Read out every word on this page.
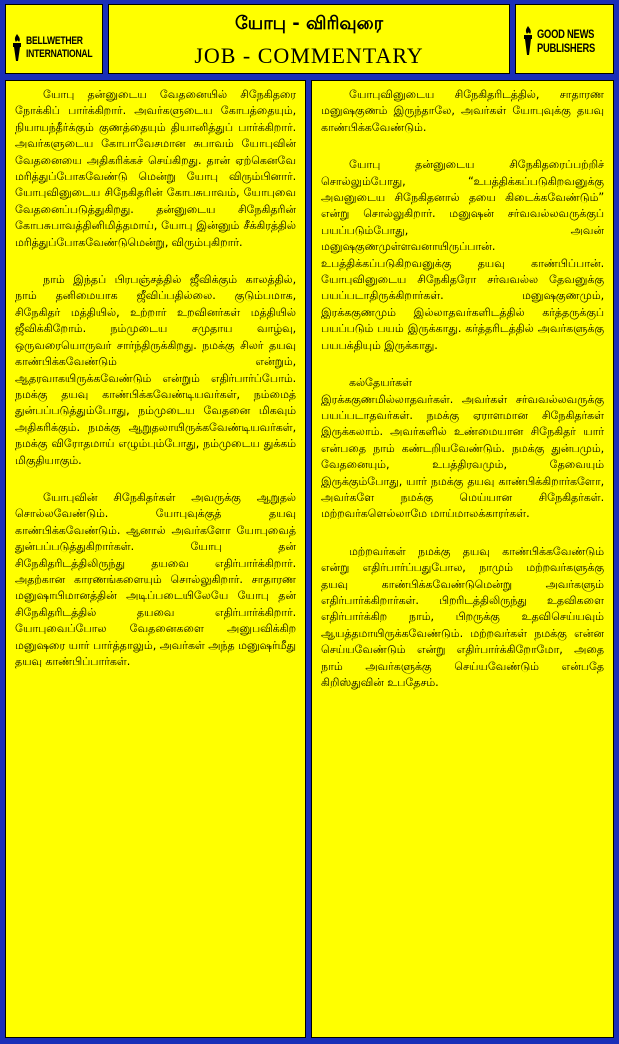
BELLWETHER
INTERNATIONAL
யோபு - விரிவுரை
JOB - COMMENTARY
GOOD NEWS
PUBLISHERS

யோபு தன்னுடைய வேதனையில் சிநேகிதரை நோக்கிப் பார்க்கிறார். அவர்களுடைய கோபத்தையும், நியாயந்தீர்க்கும் குணத்தையும் தியானித்துப் பார்க்கிறார். அவர்களுடைய கோபாவேசமான சுபாவம் யோபுவின் வேதனையை அதிகரிக்கச் செய்கிறது. தான் ஏற்கெனவே மரித்துப்போகவேண்டு மென்று யோபு விரும்பினார். யோபுவினுடைய சிநேகிதரின் கோபசுபாவம், யோபுவை வேதனைப்படுத்துகிறது. தன்னுடைய சிநேகிதரின் கோபசுபாவத்தினிமித்தமாய், யோபு இன்னும் சீக்கிரத்தில் மரித்துப்போகவேண்டுமென்று, விரும்புகிறார்.

நாம் இந்தப் பிரபஞ்சத்தில் ஜீவிக்கும் காலத்தில், நாம் தனிமையாக ஜீவிப்பதில்லை. குடும்பமாக, சிநேகிதர் மத்தியில், உற்றார் உறவினர்கள் மத்தியில் ஜீவிக்கிறோம். நம்முடைய சமுதாய வாழ்வு, ஒருவரையொருவர் சார்ந்திருக்கிறது. நமக்கு சிலர் தயவு காண்பிக்கவேண்டும் என்றும், ஆதரவாகயிருக்கவேண்டும் என்றும் எதிர்பார்ப்போம். நமக்கு தயவு காண்பிக்கவேண்டியவர்கள், நம்மைத் துன்பப்படுத்தும்போது, நம்முடைய வேதனை மிகவும் அதிகரிக்கும். நமக்கு ஆறுதலாயிருக்கவேண்டியவர்கள், நமக்கு விரோதமாய் எழும்பும்போது, நம்முடைய துக்கம் மிகுதியாகும்.

யோபுவின் சிநேகிதர்கள் அவருக்கு ஆறுதல் சொல்லவேண்டும். யோபுவுக்குத் தயவு காண்பிக்கவேண்டும். ஆனால் அவர்களோ யோபுவைத் துன்பப்படுத்துகிறார்கள். யோபு தன் சிநேகிதரிடத்திலிருந்து தயவை எதிர்பார்க்கிறார். அதற்கான காரணங்களையும் சொல்லுகிறார். சாதாரண மனுஷாபிமானத்தின் அடிப்படையிலேயே யோபு தன் சிநேகிதரிடத்தில் தயவை எதிர்பார்க்கிறார். யோபுவைப்போல வேதனைகளை அனுபவிக்கிற மனுஷரை யார் பார்த்தாலும், அவர்கள் அந்த மனுஷர்மீது தயவு காண்பிப்பார்கள்.

யோபுவினுடைய சிநேகிதரிடத்தில், சாதாரண மனுஷகுணம் இருந்தாலே, அவர்கள் யோபுவுக்கு தயவு காண்பிக்கவேண்டும்.

யோபு தன்னுடைய சிநேகிதரைப்பற்றிச் சொல்லும்போது, “உபத்திக்கப்படுகிறவனுக்கு அவனுடைய சிநேகிதனால் தயை கிடைக்கவேண்டும்” என்று சொல்லுகிறார். மனுஷன் சர்வவல்லவருக்குப் பயப்படும்போது, அவன் மனுஷகுணமுள்ளவனாயிருப்பான். உபத்திக்கப்படுகிறவனுக்கு தயவு காண்பிப்பான். யோபுவினுடைய சிநேகிதரோ சர்வவல்ல தேவனுக்கு பயப்படாதிருக்கிறார்கள். மனுஷகுணமும், இரக்ககுணமும் இல்லாதவர்களிடத்தில் கர்த்தருக்குப் பயப்படும் பயம் இருக்காது. கர்த்தரிடத்தில் அவர்களுக்கு பயபக்தியும் இருக்காது.

கல்தேயர்கள்

இரக்ககுணமில்லாதவர்கள். அவர்கள் சர்வவல்லவருக்கு பயப்படாதவர்கள். நமக்கு ஏராளமான சிநேகிதர்கள் இருக்கலாம். அவர்களில் உண்மையான சிநேகிதர் யார் என்பதை நாம் கண்டறியவேண்டும். நமக்கு துன்பமும், வேதனையும், உபத்திரவமும், தேவையும் இருக்கும்போது, யார் நமக்கு தயவு காண்பிக்கிறார்களோ, அவர்களே நமக்கு மெய்யான சிநேகிதர்கள். மற்றவர்களெல்லாமே மாய்மாலக்காரர்கள்.

மற்றவர்கள் நமக்கு தயவு காண்பிக்கவேண்டும் என்று எதிர்பார்ப்பதுபோல, நாமும் மற்றவர்களுக்கு தயவு காண்பிக்கவேண்டுமென்று அவர்களும் எதிர்பார்க்கிறார்கள். பிறரிடத்திலிருந்து உதவிகளை எதிர்பார்க்கிற நாம், பிறருக்கு உதவிசெய்யவும் ஆயத்தமாயிருக்கவேண்டும். மற்றவர்கள் நமக்கு என்ன செய்யவேண்டும் என்று எதிர்பார்க்கிறோமோ, அதை நாம் அவர்களுக்கு செய்யவேண்டும் என்பதே கிறிஸ்துவின் உபதேசம்.
